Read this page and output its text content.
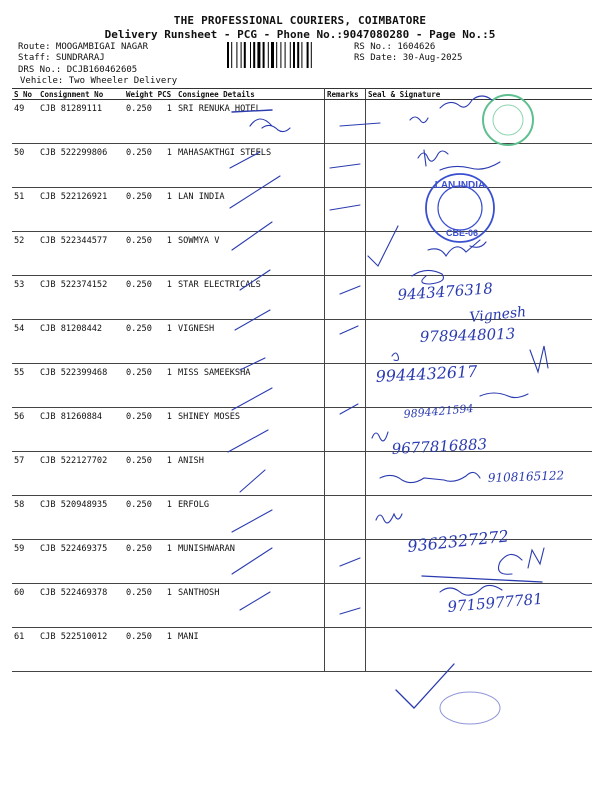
THE PROFESSIONAL COURIERS, COIMBATORE
Delivery Runsheet - PCG - Phone No.:9047080280 - Page No.:5
Route: MOOGAMBIGAI NAGAR
Staff: SUNDRARAJ
DRS No.: DCJB160462605
Vehicle: Two Wheeler Delivery
RS No.: 1604626
RS Date: 30-Aug-2025
S No	Consignment No	Weight PCS	Consignee Details	Remarks	Seal & Signature
49	CJB 81289111	0.250 1	SRI RENUKA HOTEL		
50	CJB 522299806	0.250 1	MAHASAKTHGI STEELS		
51	CJB 522126921	0.250 1	LAN INDIA		
52	CJB 522344577	0.250 1	SOWMYA V		
53	CJB 522374152	0.250 1	STAR ELECTRICALS		
54	CJB 81208442	0.250 1	VIGNESH		
55	CJB 522399468	0.250 1	MISS SAMEEKSHA		
56	CJB 81260884	0.250 1	SHINEY MOSES		
57	CJB 522127702	0.250 1	ANISH		
58	CJB 520948935	0.250 1	ERFOLG		
59	CJB 522469375	0.250 1	MUNISHWARAN		
60	CJB 522469378	0.250 1	SANTHOSH		
61	CJB 522510012	0.250 1	MANI		
LAN INDIA
CBE-06
9443476318
Vignesh
9789448013
9944432617
9894421594
9677816883
9108165122
9362327272
9715977781
